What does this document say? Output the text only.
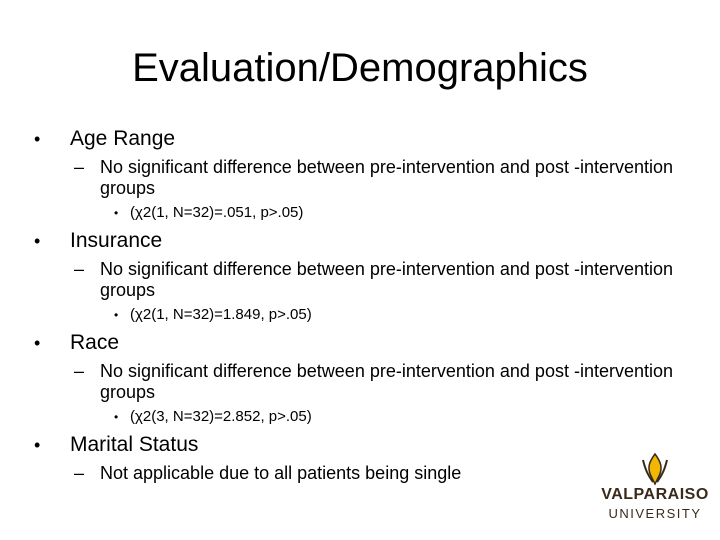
Evaluation/Demographics
• Age Range
– No significant difference between pre-intervention and post -intervention groups
• (χ2(1, N=32)=.051, p>.05)
• Insurance
– No significant difference between pre-intervention and post -intervention groups
• (χ2(1, N=32)=1.849, p>.05)
• Race
– No significant difference between pre-intervention and post -intervention groups
• (χ2(3, N=32)=2.852, p>.05)
• Marital Status
– Not applicable due to all patients being single
VALPARAISO
UNIVERSITY
